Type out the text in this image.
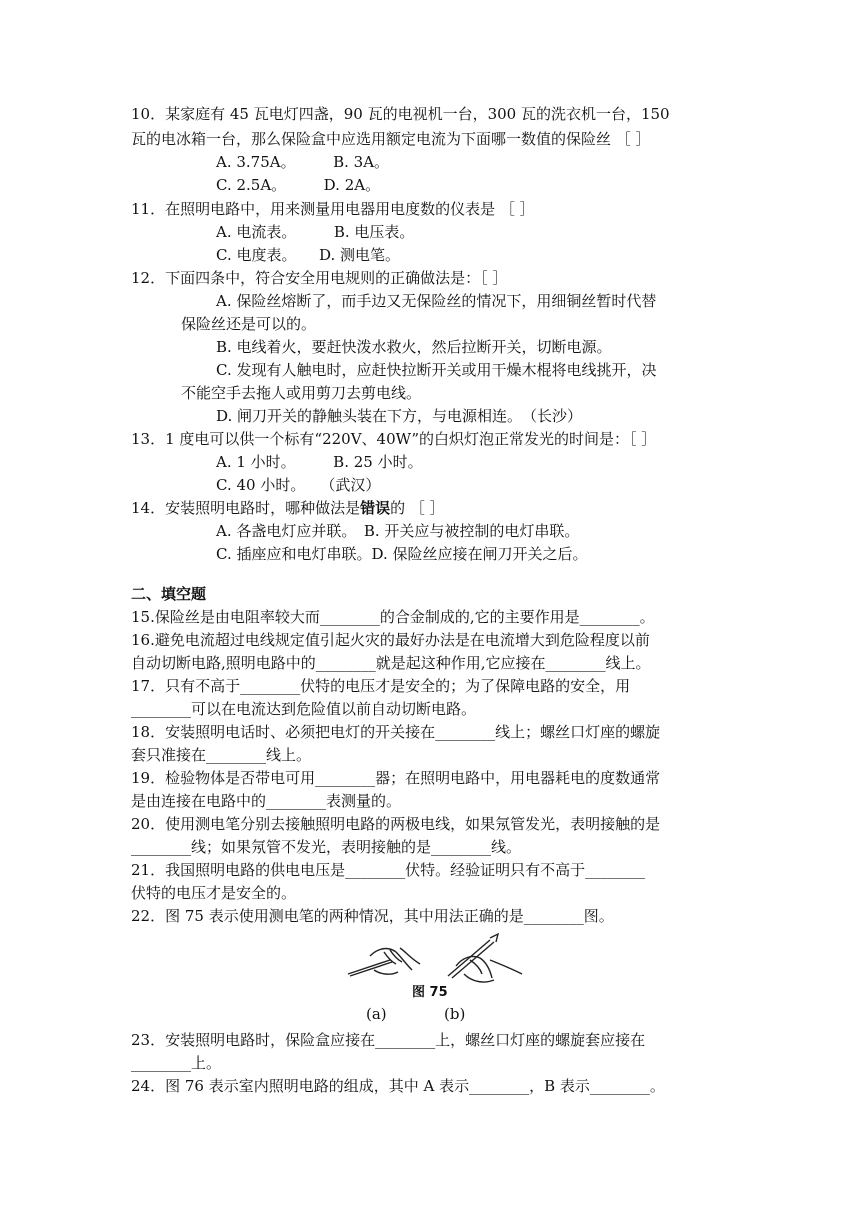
10．某家庭有 45 瓦电灯四盏，90 瓦的电视机一台，300 瓦的洗衣机一台，150
瓦的电冰箱一台，那么保险盒中应选用额定电流为下面哪一数值的保险丝 ［ ］
A. 3.75A。　　　B. 3A。
C. 2.5A。　　　D. 2A。
11．在照明电路中，用来测量用电器用电度数的仪表是 ［ ］
A. 电流表。　　　B. 电压表。
C. 电度表。　　D. 测电笔。
12．下面四条中，符合安全用电规则的正确做法是：［ ］
A. 保险丝熔断了，而手边又无保险丝的情况下，用细铜丝暂时代替
保险丝还是可以的。
B. 电线着火，要赶快泼水救火，然后拉断开关，切断电源。
C. 发现有人触电时，应赶快拉断开关或用干燥木棍将电线挑开，决
不能空手去拖人或用剪刀去剪电线。
D. 闸刀开关的静触头装在下方，与电源相连。　（长沙）
13．1 度电可以供一个标有“220V、40W”的白炽灯泡正常发光的时间是：［ ］
A. 1 小时。　　　B. 25 小时。
C. 40 小时。　　（武汉）
14．安装照明电路时，哪种做法是错误的 ［ ］
A. 各盏电灯应并联。　B. 开关应与被控制的电灯串联。
C. 插座应和电灯串联。D. 保险丝应接在闸刀开关之后。
二、填空题
15.保险丝是由电阻率较大而________的合金制成的,它的主要作用是________。
16.避免电流超过电线规定值引起火灾的最好办法是在电流增大到危险程度以前
自动切断电路,照明电路中的________就是起这种作用,它应接在________线上。
17．只有不高于________伏特的电压才是安全的；为了保障电路的安全，用
________可以在电流达到危险值以前自动切断电路。
18．安装照明电话时、必须把电灯的开关接在________线上；螺丝口灯座的螺旋
套只准接在________线上。
19．检验物体是否带电可用________器；在照明电路中，用电器耗电的度数通常
是由连接在电路中的________表测量的。
20．使用测电笔分别去接触照明电路的两极电线，如果氖管发光，表明接触的是
________线；如果氖管不发光，表明接触的是________线。
21．我国照明电路的供电电压是________伏特。经验证明只有不高于________
伏特的电压才是安全的。
22．图 75 表示使用测电笔的两种情况，其中用法正确的是________图。
图 75
(a)	(b)
23．安装照明电路时，保险盒应接在________上，螺丝口灯座的螺旋套应接在
________上。
24．图 76 表示室内照明电路的组成，其中 A 表示________，B 表示________。
